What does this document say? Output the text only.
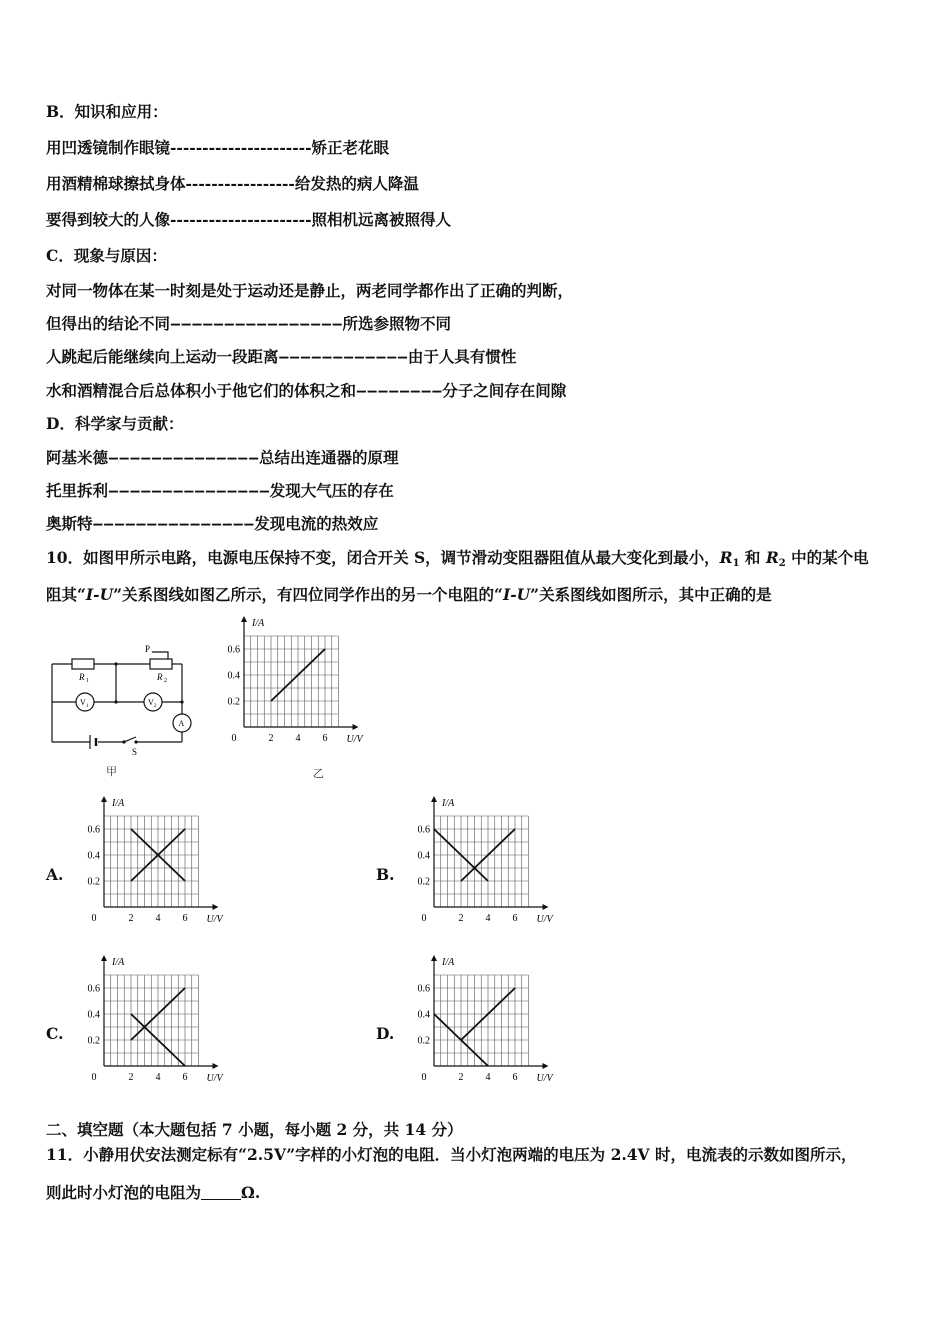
B．知识和应用：
用凹透镜制作眼镜----------------------矫正老花眼
用酒精棉球擦拭身体-----------------给发热的病人降温
要得到较大的人像----------------------照相机远离被照得人
C．现象与原因：
对同一物体在某一时刻是处于运动还是静止，两老同学都作出了正确的判断，
但得出的结论不同‒‒‒‒‒‒‒‒‒‒‒‒‒‒‒‒所选参照物不同
人跳起后能继续向上运动一段距离‒‒‒‒‒‒‒‒‒‒‒‒由于人具有惯性
水和酒精混合后总体积小于他它们的体积之和‒‒‒‒‒‒‒‒分子之间存在间隙
D．科学家与贡献：
阿基米德‒‒‒‒‒‒‒‒‒‒‒‒‒‒总结出连通器的原理
托里拆利‒‒‒‒‒‒‒‒‒‒‒‒‒‒‒发现大气压的存在
奥斯特‒‒‒‒‒‒‒‒‒‒‒‒‒‒‒发现电流的热效应
10．如图甲所示电路，电源电压保持不变，闭合开关 S，调节滑动变阻器阻值从最大变化到最小，$R_1$ 和 $R_2$ 中的某个电
阻其“I-U”关系图线如图乙所示，有四位同学作出的另一个电阻的“I-U”关系图线如图所示，其中正确的是
R 1	R 2
P
V 1	V 2
A
S
甲
2 4 6
0.2
0.4
0.6
0
I/A
U/V
乙
A.
2 4 6
0.2
0.4
0.6
0
I/A
U/V
B.
2 4 6
0.2
0.4
0.6
0
I/A
U/V
C.
2 4 6
0.2
0.4
0.6
0
I/A
U/V
D.
2 4 6
0.2
0.4
0.6
0
I/A
U/V
二、填空题（本大题包括 7 小题，每小题 2 分，共 14 分）
11．小静用伏安法测定标有“2.5V”字样的小灯泡的电阻．当小灯泡两端的电压为 2.4V 时，电流表的示数如图所示，
则此时小灯泡的电阻为	Ω.
